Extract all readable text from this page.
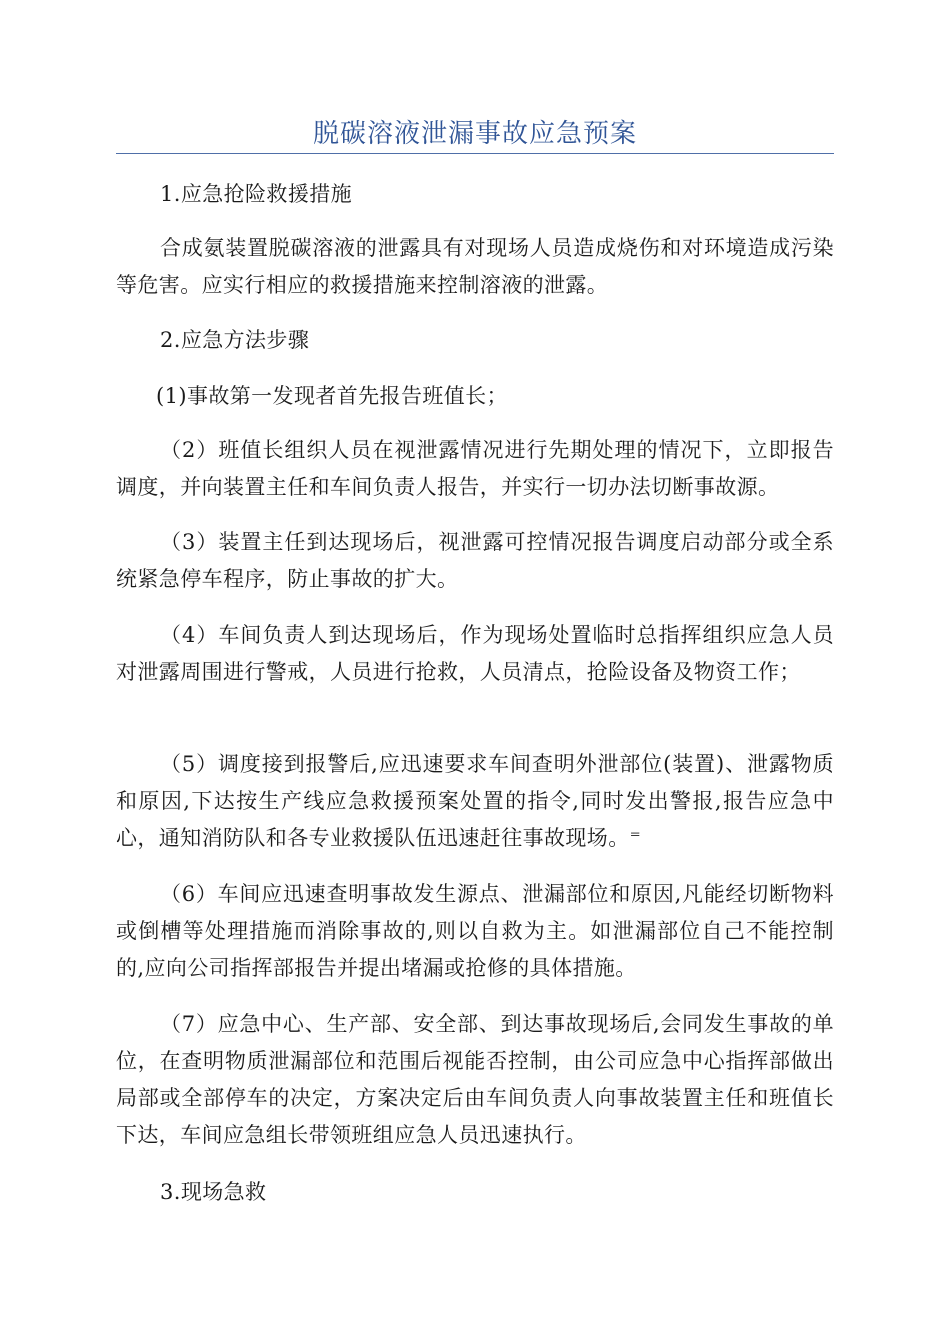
脱碳溶液泄漏事故应急预案

1.应急抢险救援措施

合成氨装置脱碳溶液的泄露具有对现场人员造成烧伤和对环境造成污染等危害。应实行相应的救援措施来控制溶液的泄露。

2.应急方法步骤

(1)事故第一发现者首先报告班值长；

（2）班值长组织人员在视泄露情况进行先期处理的情况下，立即报告调度，并向装置主任和车间负责人报告，并实行一切办法切断事故源。

（3）装置主任到达现场后，视泄露可控情况报告调度启动部分或全系统紧急停车程序，防止事故的扩大。

（4）车间负责人到达现场后，作为现场处置临时总指挥组织应急人员对泄露周围进行警戒，人员进行抢救，人员清点，抢险设备及物资工作；

（5）调度接到报警后,应迅速要求车间查明外泄部位(装置)、泄露物质和原因,下达按生产线应急救援预案处置的指令,同时发出警报,报告应急中心，通知消防队和各专业救援队伍迅速赶往事故现场。⁼

（6）车间应迅速查明事故发生源点、泄漏部位和原因,凡能经切断物料或倒槽等处理措施而消除事故的,则以自救为主。如泄漏部位自己不能控制的,应向公司指挥部报告并提出堵漏或抢修的具体措施。

（7）应急中心、生产部、安全部、到达事故现场后,会同发生事故的单位，在查明物质泄漏部位和范围后视能否控制，由公司应急中心指挥部做出局部或全部停车的决定，方案决定后由车间负责人向事故装置主任和班值长下达，车间应急组长带领班组应急人员迅速执行。

3.现场急救
